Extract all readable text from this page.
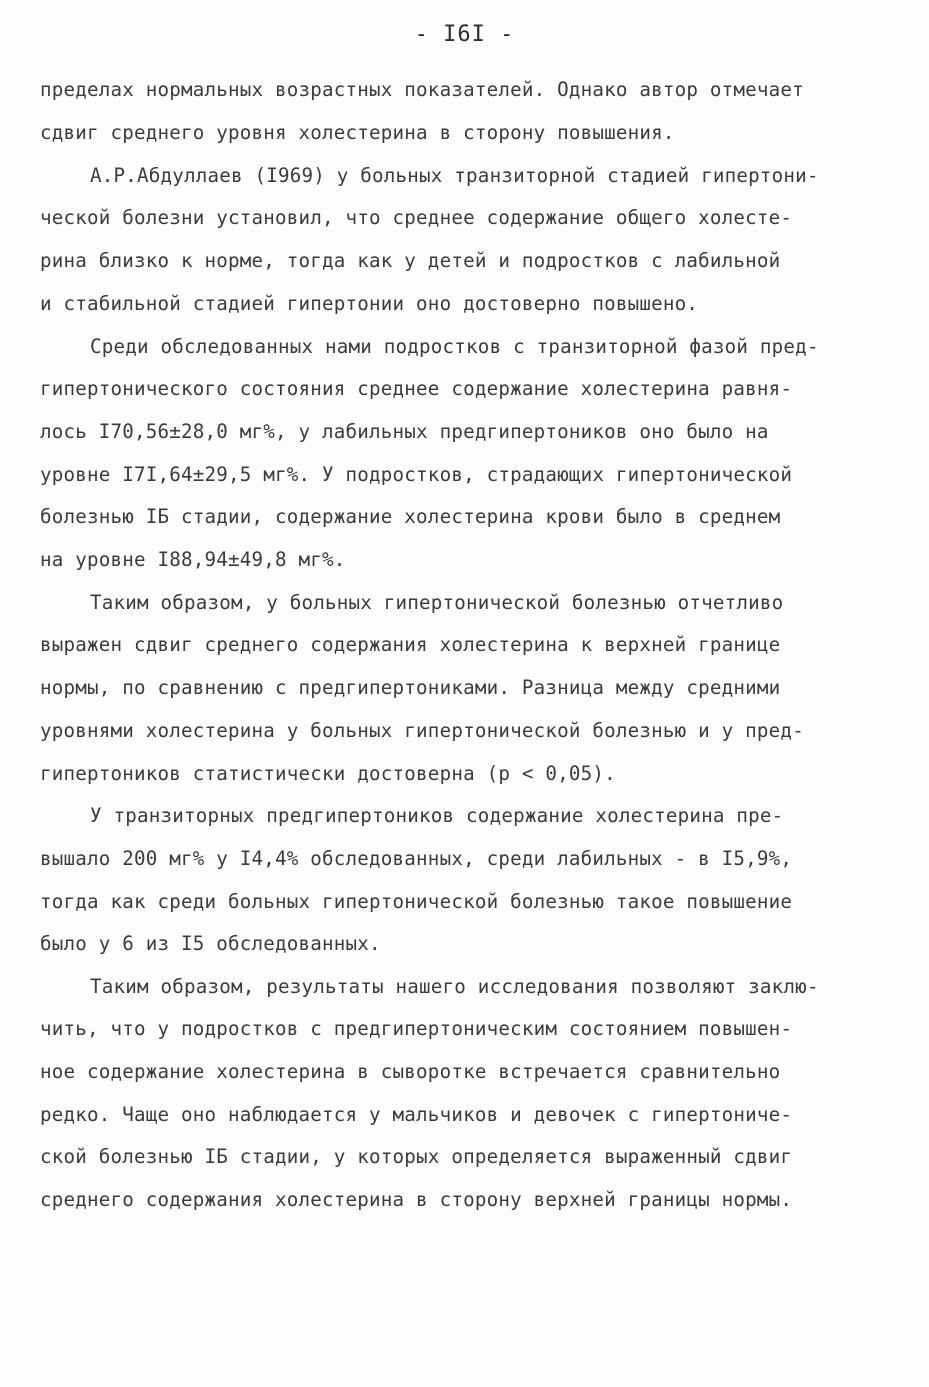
- I6I -
пределах нормальных возрастных показателей. Однако автор отмечает
сдвиг среднего уровня холестерина в сторону повышения.
А.Р.Абдуллаев (I969) у больных транзиторной стадией гипертони-
ческой болезни установил, что среднее содержание общего холесте-
рина близко к норме, тогда как у детей и подростков с лабильной
и стабильной стадией гипертонии оно достоверно повышено.
Среди обследованных нами подростков с транзиторной фазой пред-
гипертонического состояния среднее содержание холестерина равня-
лось I70,56±28,0 мг%, у лабильных предгипертоников оно было на
уровне I7I,64±29,5 мг%. У подростков, страдающих гипертонической
болезнью IБ стадии, содержание холестерина крови было в среднем
на уровне I88,94±49,8 мг%.
Таким образом, у больных гипертонической болезнью отчетливо
выражен сдвиг среднего содержания холестерина к верхней границе
нормы, по сравнению с предгипертониками. Разница между средними
уровнями холестерина у больных гипертонической болезнью и у пред-
гипертоников статистически достоверна (p < 0,05).
У транзиторных предгипертоников содержание холестерина пре-
вышало 200 мг% у I4,4% обследованных, среди лабильных - в I5,9%,
тогда как среди больных гипертонической болезнью такое повышение
было у 6 из I5 обследованных.
Таким образом, результаты нашего исследования позволяют заклю-
чить, что у подростков с предгипертоническим состоянием повышен-
ное содержание холестерина в сыворотке встречается сравнительно
редко. Чаще оно наблюдается у мальчиков и девочек с гипертониче-
ской болезнью IБ стадии, у которых определяется выраженный сдвиг
среднего содержания холестерина в сторону верхней границы нормы.
